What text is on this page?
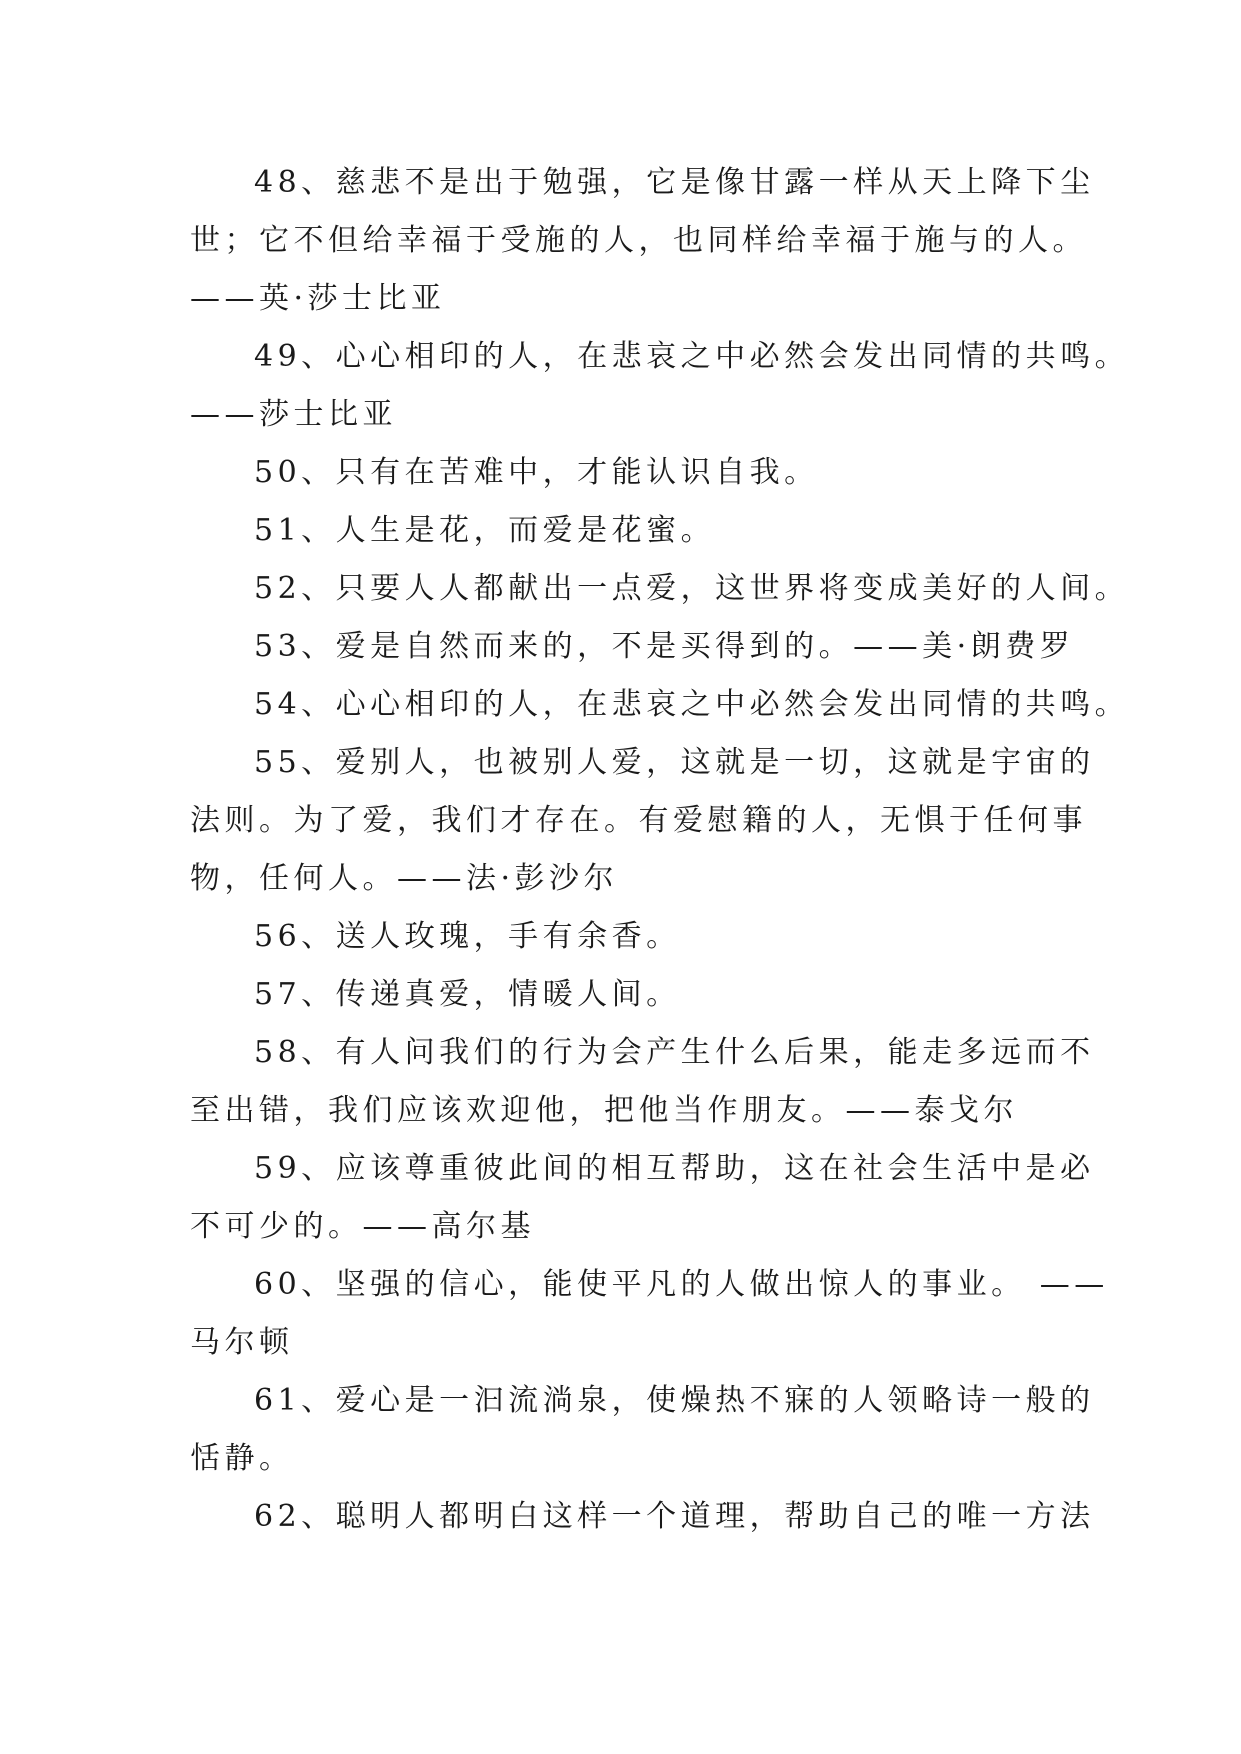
48、慈悲不是出于勉强，它是像甘露一样从天上降下尘
世；它不但给幸福于受施的人，也同样给幸福于施与的人。
——英·莎士比亚
49、心心相印的人，在悲哀之中必然会发出同情的共鸣。
——莎士比亚
50、只有在苦难中，才能认识自我。
51、人生是花，而爱是花蜜。
52、只要人人都献出一点爱，这世界将变成美好的人间。
53、爱是自然而来的，不是买得到的。——美·朗费罗
54、心心相印的人，在悲哀之中必然会发出同情的共鸣。
55、爱别人，也被别人爱，这就是一切，这就是宇宙的
法则。为了爱，我们才存在。有爱慰籍的人，无惧于任何事
物，任何人。——法·彭沙尔
56、送人玫瑰，手有余香。
57、传递真爱，情暖人间。
58、有人问我们的行为会产生什么后果，能走多远而不
至出错，我们应该欢迎他，把他当作朋友。——泰戈尔
59、应该尊重彼此间的相互帮助，这在社会生活中是必
不可少的。——高尔基
60、坚强的信心，能使平凡的人做出惊人的事业。 ——
马尔顿
61、爱心是一汩流淌泉，使燥热不寐的人领略诗一般的
恬静。
62、聪明人都明白这样一个道理，帮助自己的唯一方法
